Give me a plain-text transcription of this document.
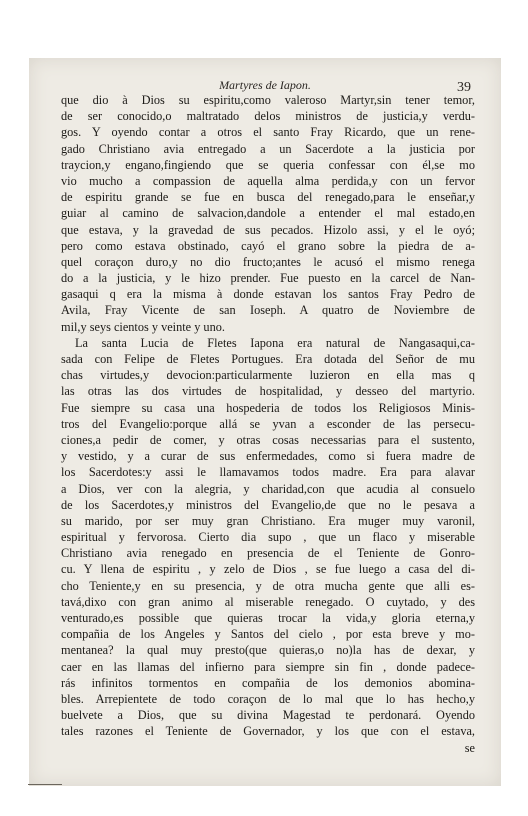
Martyres de Iapon.	39
que dio à Dios su espiritu,como valeroso Martyr,sin tener temor,
de ser conocido,o maltratado delos ministros de justicia,y verdu-
gos. Y oyendo contar a otros el santo Fray Ricardo, que un rene-
gado Christiano avia entregado a un Sacerdote a la justicia por
traycion,y engano,fingiendo que se queria confessar con él,se mo
vio mucho a compassion de aquella alma perdida,y con un fervor
de espiritu grande se fue en busca del renegado,para le enseñar,y
guiar al camino de salvacion,dandole a entender el mal estado,en
que estava, y la gravedad de sus pecados. Hizolo assi, y el le oyó;
pero como estava obstinado, cayó el grano sobre la piedra de a-
quel coraçon duro,y no dio fructo;antes le acusó el mismo renega
do a la justicia, y le hizo prender. Fue puesto en la carcel de Nan-
gasaqui q era la misma à donde estavan los santos Fray Pedro de
Avila, Fray Vicente de san Ioseph. A quatro de Noviembre de
mil,y seys cientos y veinte y uno.
La santa Lucia de Fletes Iapona era natural de Nangasaqui,ca-
sada con Felipe de Fletes Portugues. Era dotada del Señor de mu
chas virtudes,y devocion:particularmente luzieron en ella mas q
las otras las dos virtudes de hospitalidad, y desseo del martyrio.
Fue siempre su casa una hospederia de todos los Religiosos Minis-
tros del Evangelio:porque allá se yvan a esconder de las persecu-
ciones,a pedir de comer, y otras cosas necessarias para el sustento,
y vestido, y a curar de sus enfermedades, como si fuera madre de
los Sacerdotes:y assi le llamavamos todos madre. Era para alavar
a Dios, ver con la alegria, y charidad,con que acudia al consuelo
de los Sacerdotes,y ministros del Evangelio,de que no le pesava a
su marido, por ser muy gran Christiano. Era muger muy varonil,
espiritual y fervorosa. Cierto dia supo , que un flaco y miserable
Christiano avia renegado en presencia de el Teniente de Gonro-
cu. Y llena de espiritu , y zelo de Dios , se fue luego a casa del di-
cho Teniente,y en su presencia, y de otra mucha gente que alli es-
tavá,dixo con gran animo al miserable renegado. O cuytado, y des
venturado,es possible que quieras trocar la vida,y gloria eterna,y
compañia de los Angeles y Santos del cielo , por esta breve y mo-
mentanea? la qual muy presto(que quieras,o no)la has de dexar, y
caer en las llamas del infierno para siempre sin fin , donde padece-
rás infinitos tormentos en compañia de los demonios abomina-
bles. Arrepientete de todo coraçon de lo mal que lo has hecho,y
buelvete a Dios, que su divina Magestad te perdonará. Oyendo
tales razones el Teniente de Governador, y los que con el estava,
se
